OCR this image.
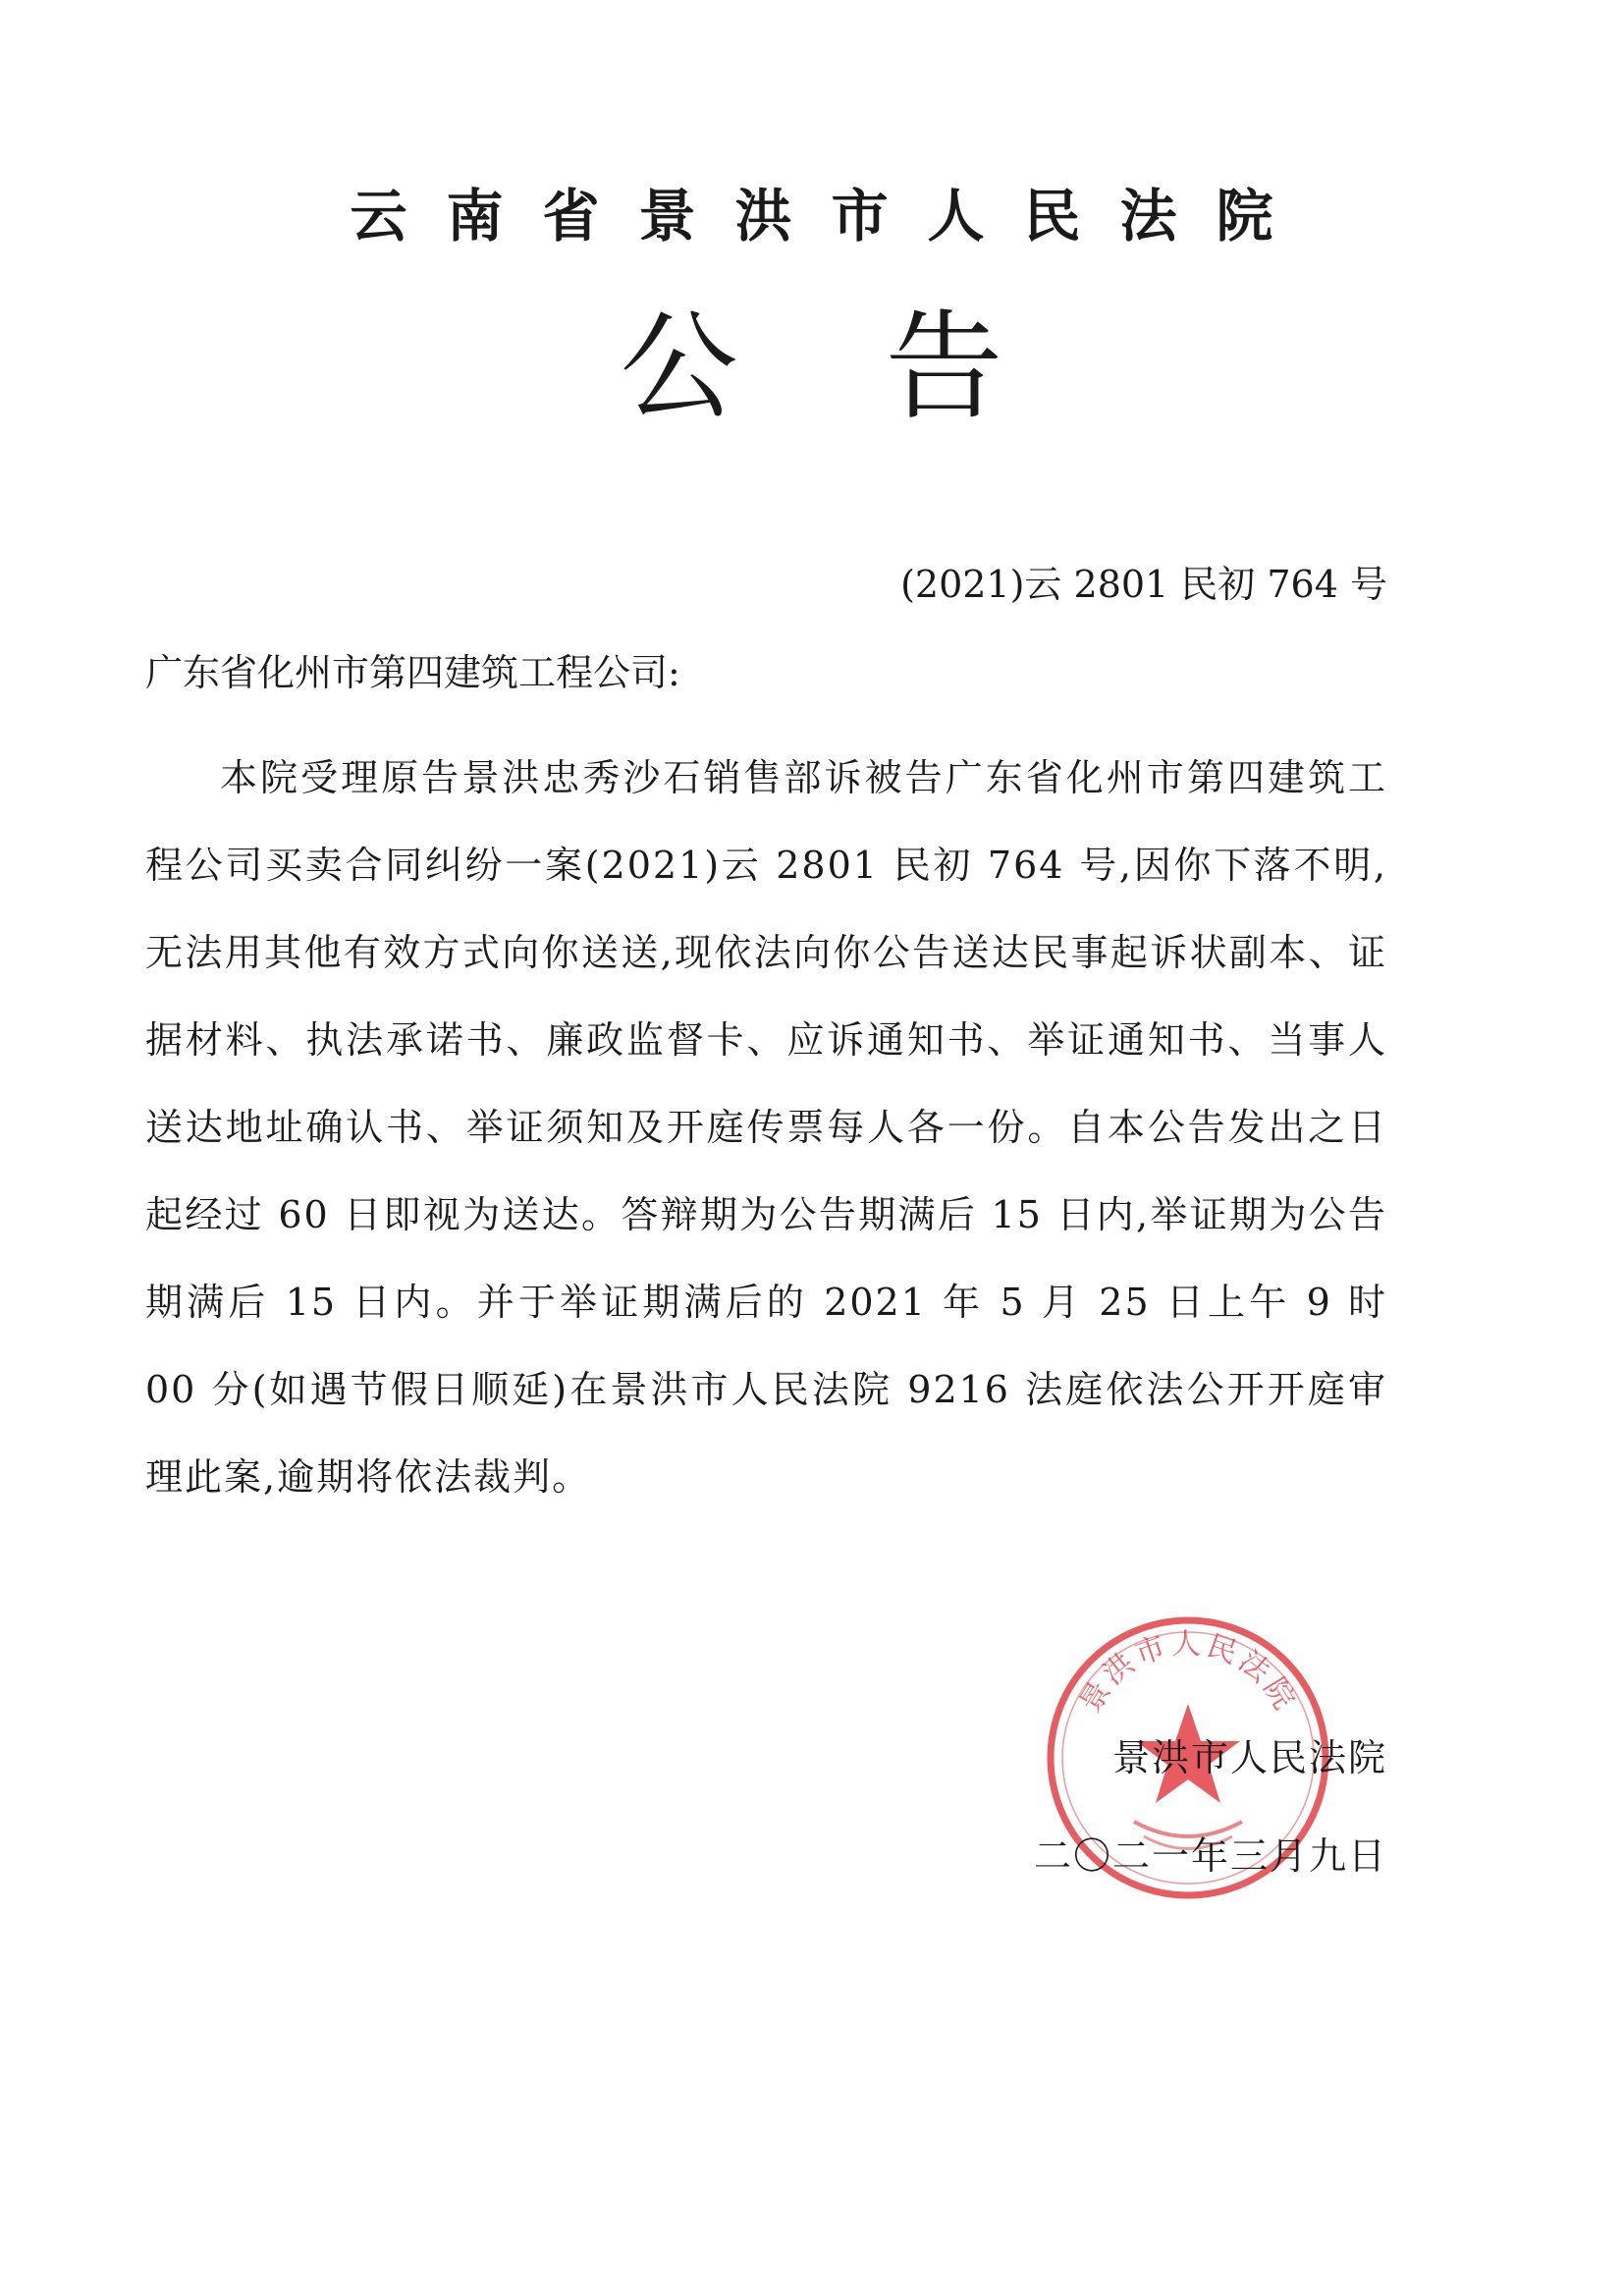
云南省景洪市人民法院
公告
(2021)云 2801 民初 764 号
广东省化州市第四建筑工程公司:
本院受理原告景洪忠秀沙石销售部诉被告广东省化州市第四建筑工程公司买卖合同纠纷一案(2021)云 2801 民初 764 号,因你下落不明,无法用其他有效方式向你送送,现依法向你公告送达民事起诉状副本、证据材料、执法承诺书、廉政监督卡、应诉通知书、举证通知书、当事人送达地址确认书、举证须知及开庭传票每人各一份。自本公告发出之日起经过 60 日即视为送达。答辩期为公告期满后 15 日内,举证期为公告期满后 15 日内。并于举证期满后的 2021 年 5 月 25 日上午 9 时 00 分(如遇节假日顺延)在景洪市人民法院 9216 法庭依法公开开庭审理此案,逾期将依法裁判。
景洪市人民法院
景洪市人民法院
二〇二一年三月九日
